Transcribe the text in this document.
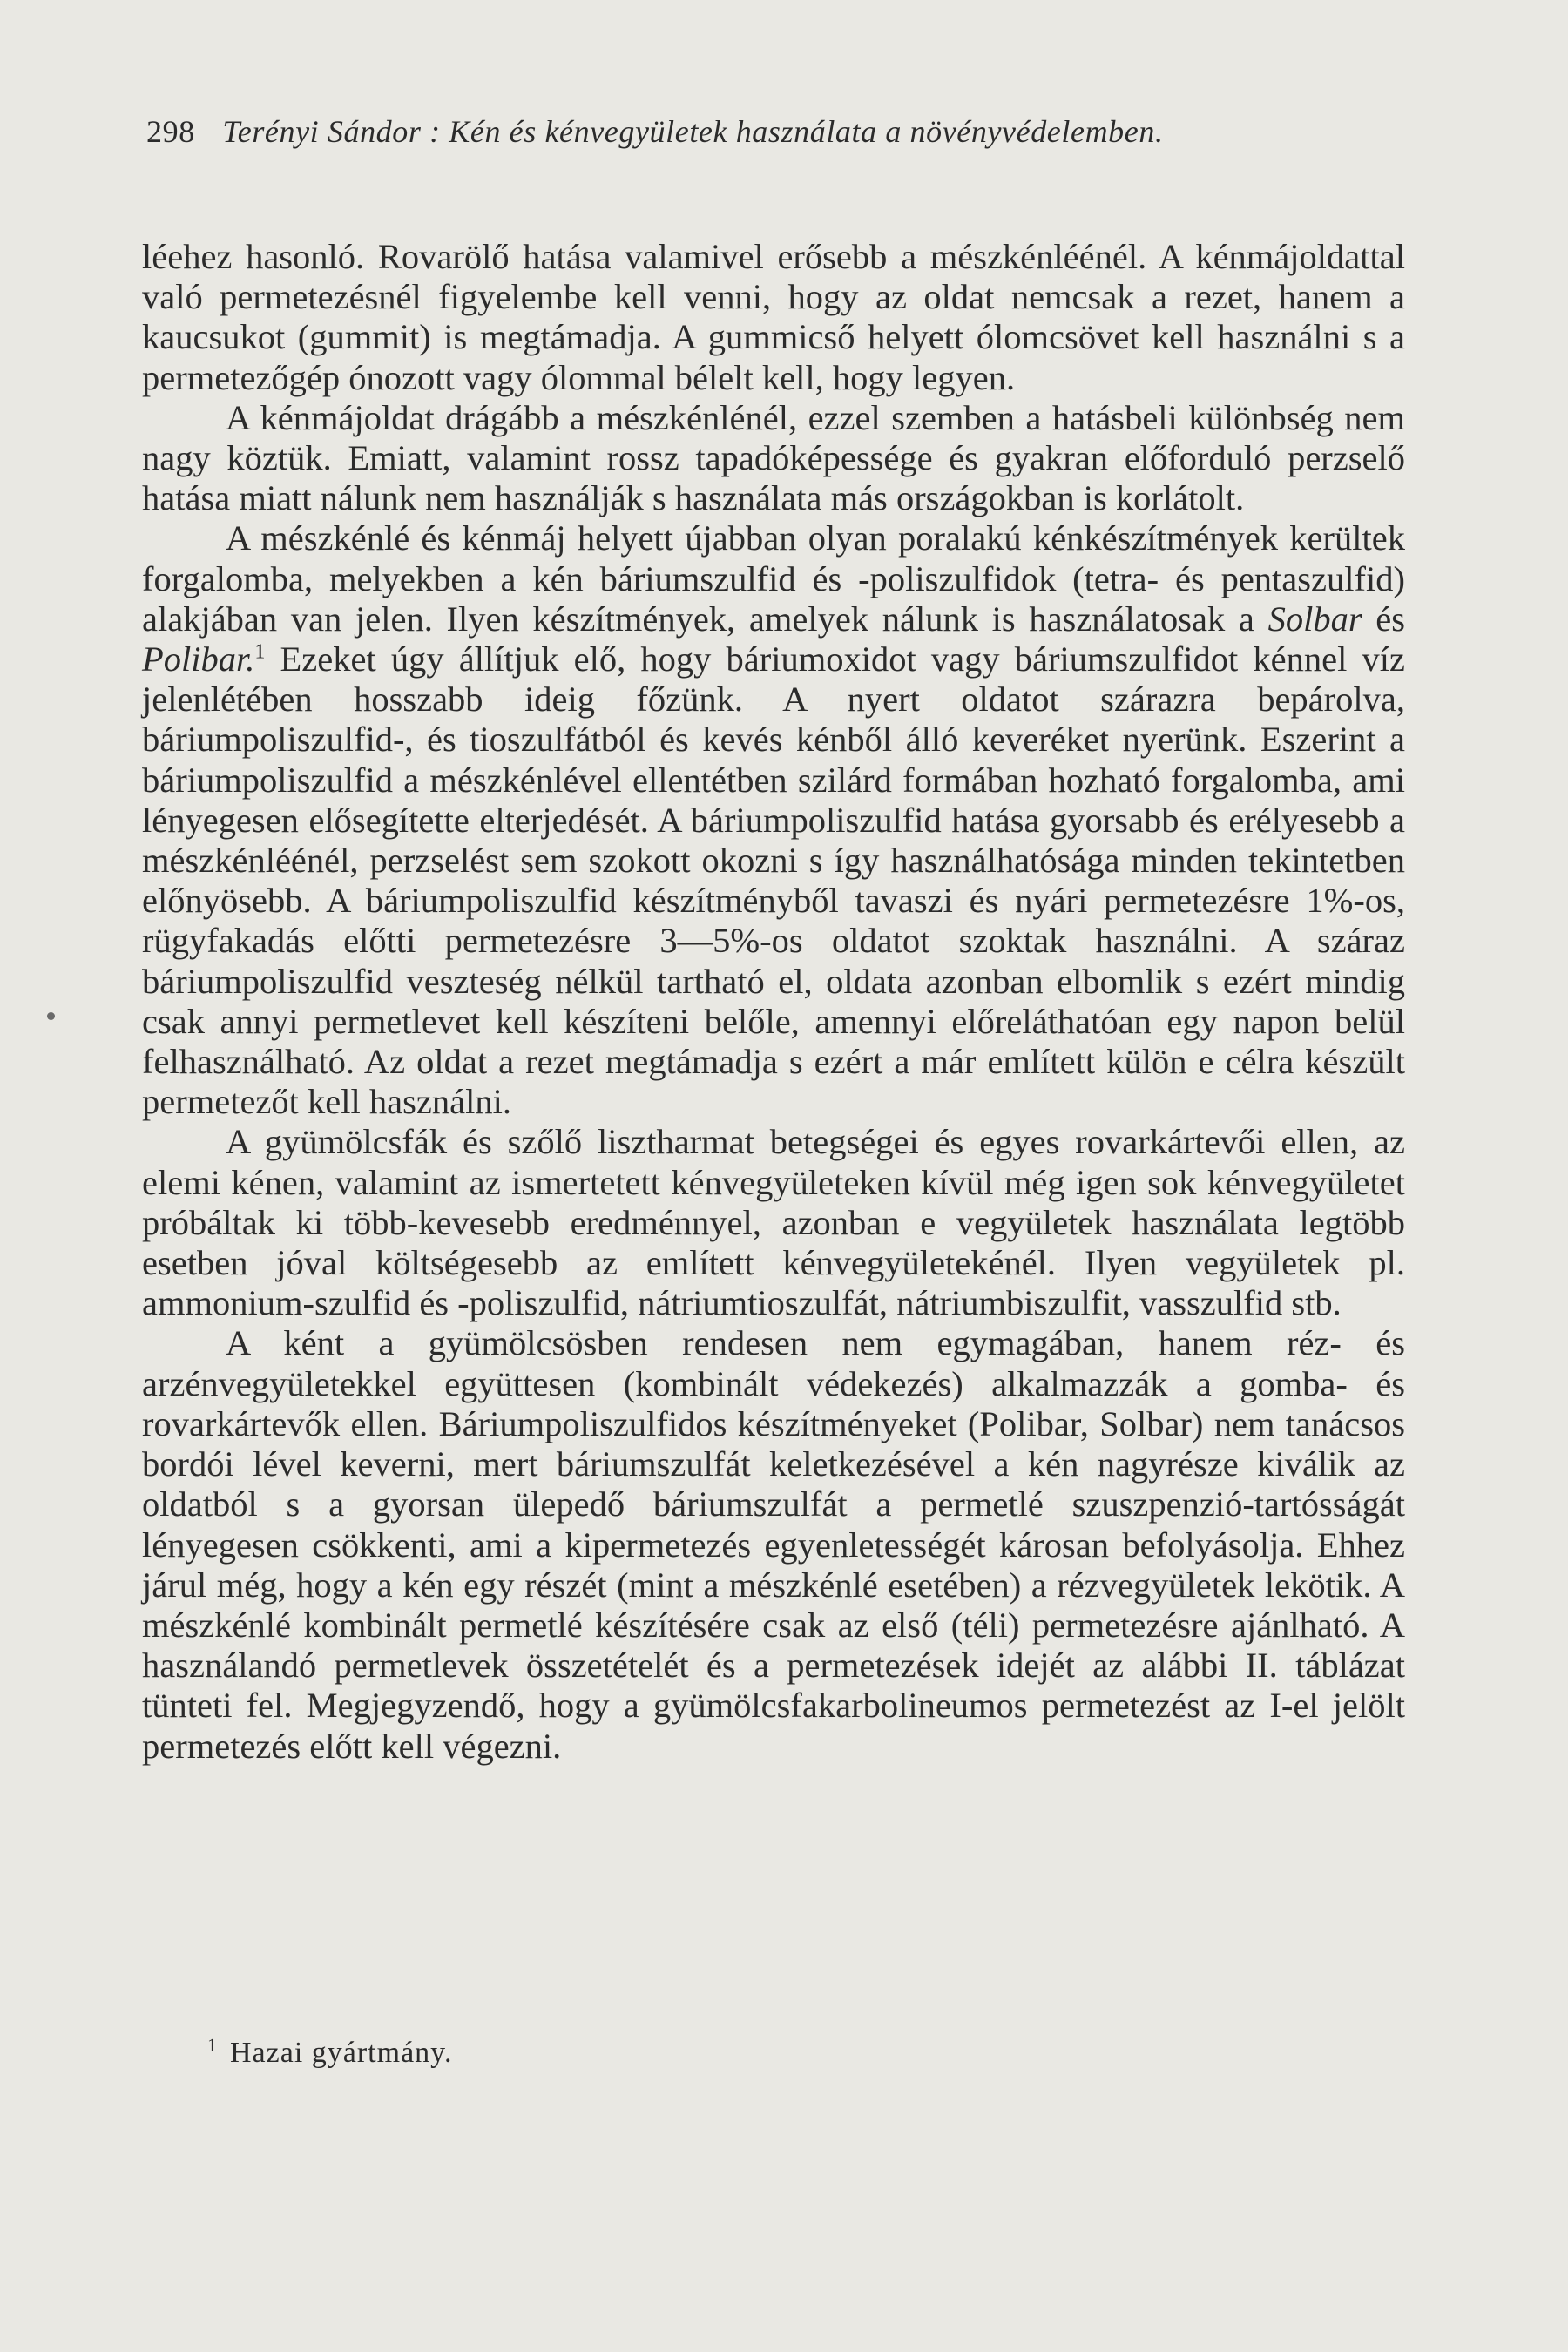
298 Terényi Sándor : Kén és kénvegyületek használata a növényvédelemben.

léehez hasonló. Rovarölő hatása valamivel erősebb a mészkénléénél. A kénmájoldattal való permetezésnél figyelembe kell venni, hogy az oldat nemcsak a rezet, hanem a kaucsukot (gummit) is megtámadja. A gummicső helyett ólomcsövet kell használni s a permetezőgép ónozott vagy ólommal bélelt kell, hogy legyen.

A kénmájoldat drágább a mészkénlénél, ezzel szemben a hatásbeli különbség nem nagy köztük. Emiatt, valamint rossz tapadóképessége és gyakran előforduló perzselő hatása miatt nálunk nem használják s használata más országokban is korlátolt.

A mészkénlé és kénmáj helyett újabban olyan poralakú kénkészítmények kerültek forgalomba, melyekben a kén báriumszulfid és -poliszulfidok (tetra- és pentaszulfid) alakjában van jelen. Ilyen készítmények, amelyek nálunk is használatosak a Solbar és Polibar.$^1$ Ezeket úgy állítjuk elő, hogy báriumoxidot vagy báriumszulfidot kénnel víz jelenlétében hosszabb ideig főzünk. A nyert oldatot szárazra bepárolva, báriumpoliszulfid-, és tioszulfátból és kevés kénből álló keveréket nyerünk. Eszerint a báriumpoliszulfid a mészkénlével ellentétben szilárd formában hozható forgalomba, ami lényegesen elősegítette elterjedését. A báriumpoliszulfid hatása gyorsabb és erélyesebb a mészkénléénél, perzselést sem szokott okozni s így használhatósága minden tekintetben előnyösebb. A báriumpoliszulfid készítményből tavaszi és nyári permetezésre 1%-os, rügyfakadás előtti permetezésre 3—5%-os oldatot szoktak használni. A száraz báriumpoliszulfid veszteség nélkül tartható el, oldata azonban elbomlik s ezért mindig csak annyi permetlevet kell készíteni belőle, amennyi előreláthatóan egy napon belül felhasználható. Az oldat a rezet megtámadja s ezért a már említett külön e célra készült permetezőt kell használni.

A gyümölcsfák és szőlő lisztharmat betegségei és egyes rovarkártevői ellen, az elemi kénen, valamint az ismertetett kénvegyületeken kívül még igen sok kénvegyületet próbáltak ki több-kevesebb eredménnyel, azonban e vegyületek használata legtöbb esetben jóval költségesebb az említett kénvegyületekénél. Ilyen vegyületek pl. ammonium-szulfid és -poliszulfid, nátriumtioszulfát, nátriumbiszulfit, vasszulfid stb.

A ként a gyümölcsösben rendesen nem egymagában, hanem réz- és arzénvegyületekkel együttesen (kombinált védekezés) alkalmazzák a gomba- és rovarkártevők ellen. Báriumpoliszulfidos készítményeket (Polibar, Solbar) nem tanácsos bordói lével keverni, mert báriumszulfát keletkezésével a kén nagyrésze kiválik az oldatból s a gyorsan ülepedő báriumszulfát a permetlé szuszpenzió-tartósságát lényegesen csökkenti, ami a kipermetezés egyenletességét károsan befolyásolja. Ehhez járul még, hogy a kén egy részét (mint a mészkénlé esetében) a rézvegyületek lekötik. A mészkénlé kombinált permetlé készítésére csak az első (téli) permetezésre ajánlható. A használandó permetlevek összetételét és a permetezések idejét az alábbi II. táblázat tünteti fel. Megjegyzendő, hogy a gyümölcsfakarbolineumos permetezést az I-el jelölt permetezés előtt kell végezni.

$^1$ Hazai gyártmány.
